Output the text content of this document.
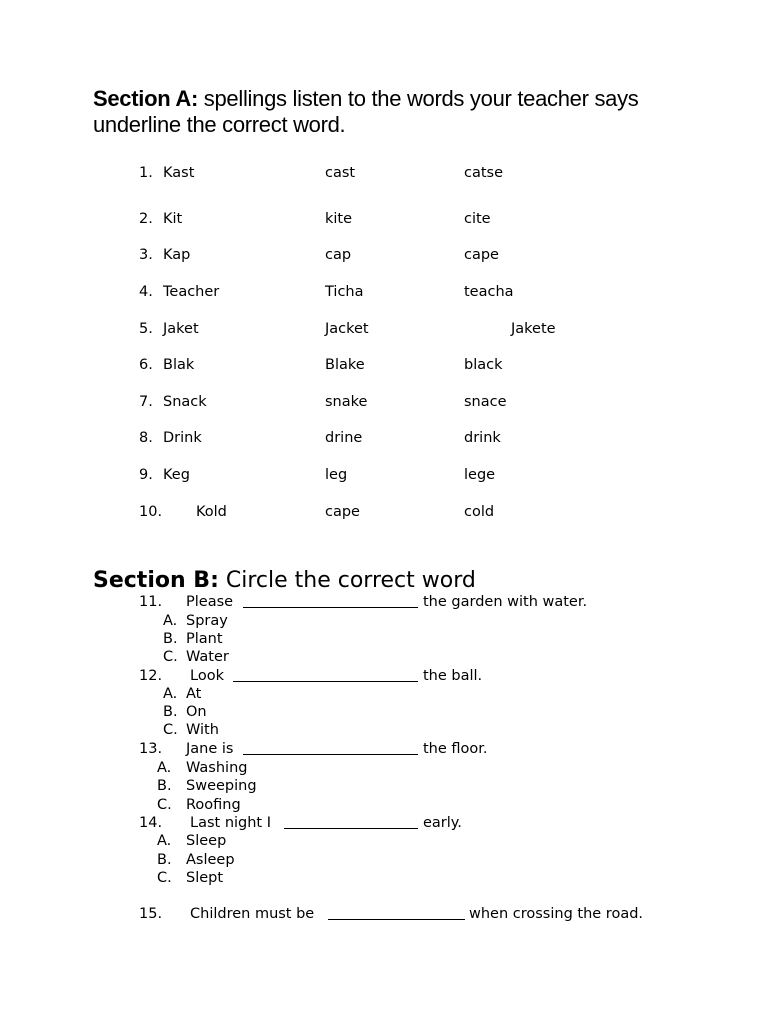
Section A: spellings listen to the words your teacher says underline the correct word.
1. Kast	cast	catse
2. Kit	kite	cite
3. Kap	cap	cape
4. Teacher	Ticha	teacha
5. Jaket	Jacket	Jakete
6. Blak	Blake	black
7. Snack	snake	snace
8. Drink	drine	drink
9. Keg	leg	lege
10. Kold	cape	cold
Section B: Circle the correct word
11. Please	the garden with water.
A. Spray
B. Plant
C. Water
12. Look	the ball.
A. At
B. On
C. With
13. Jane is	the floor.
A. Washing
B. Sweeping
C. Roofing
14. Last night I	early.
A. Sleep
B. Asleep
C. Slept
15. Children must be	when crossing the road.
